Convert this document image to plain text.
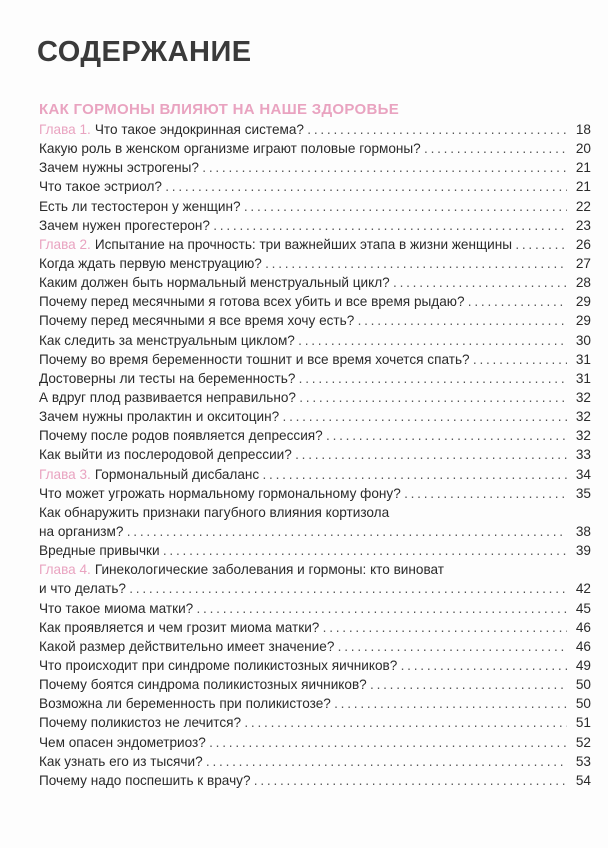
СОДЕРЖАНИЕ
КАК ГОРМОНЫ ВЛИЯЮТ НА НАШЕ ЗДОРОВЬЕ
Глава 1. Что такое эндокринная система? . . .	18
Какую роль в женском организме играют половые гормоны? . . .	20
Зачем нужны эстрогены? . . .	21
Что такое эстриол? . . .	21
Есть ли тестостерон у женщин? . . .	22
Зачем нужен прогестерон? . . .	23
Глава 2. Испытание на прочность: три важнейших этапа в жизни женщины . . .	26
Когда ждать первую менструацию? . . .	27
Каким должен быть нормальный менструальный цикл? . . .	28
Почему перед месячными я готова всех убить и все время рыдаю? . . .	29
Почему перед месячными я все время хочу есть? . . .	29
Как следить за менструальным циклом? . . .	30
Почему во время беременности тошнит и все время хочется спать? . . .	31
Достоверны ли тесты на беременность? . . .	31
А вдруг плод развивается неправильно? . . .	32
Зачем нужны пролактин и окситоцин? . . .	32
Почему после родов появляется депрессия? . . .	32
Как выйти из послеродовой депрессии? . . .	33
Глава 3. Гормональный дисбаланс . . .	34
Что может угрожать нормальному гормональному фону? . . .	35
Как обнаружить признаки пагубного влияния кортизола
на организм? . . .	38
Вредные привычки . . .	39
Глава 4. Гинекологические заболевания и гормоны: кто виноват
и что делать? . . .	42
Что такое миома матки? . . .	45
Как проявляется и чем грозит миома матки? . . .	46
Какой размер действительно имеет значение? . . .	46
Что происходит при синдроме поликистозных яичников? . . .	49
Почему боятся синдрома поликистозных яичников? . . .	50
Возможна ли беременность при поликистозе? . . .	50
Почему поликистоз не лечится? . . .	51
Чем опасен эндометриоз? . . .	52
Как узнать его из тысячи? . . .	53
Почему надо поспешить к врачу? . . .	54
